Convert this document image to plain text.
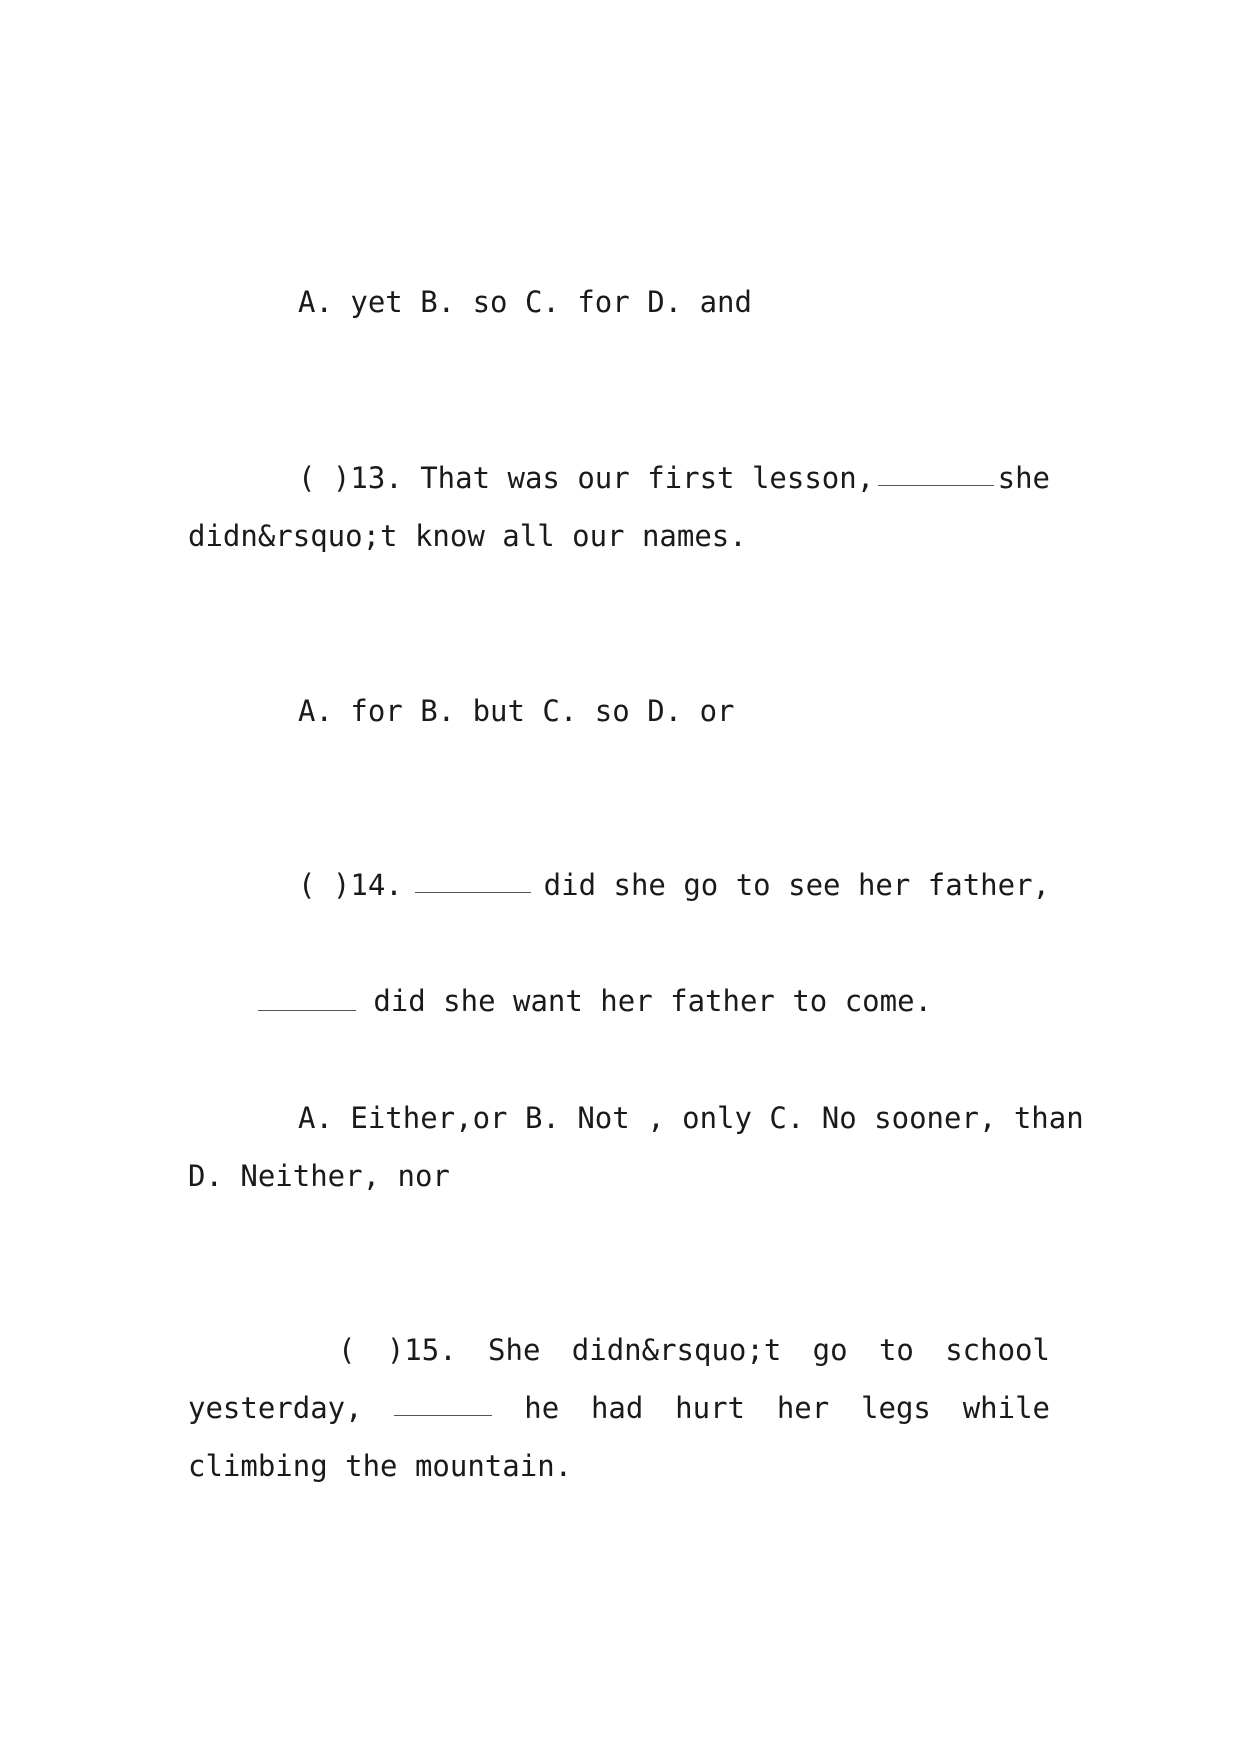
A. yet B. so C. for D. and
( )13. That was our first lesson,	she
didn&rsquo;t know all our names.
A. for B. but C. so D. or
( )14.	did she go to see her father,

did she want her father to come.

A. Either,or B. Not , only C. No sooner, than
D. Neither, nor
( )15. She didn&rsquo;t go to school
yesterday,	he had hurt her legs while
climbing the mountain.
